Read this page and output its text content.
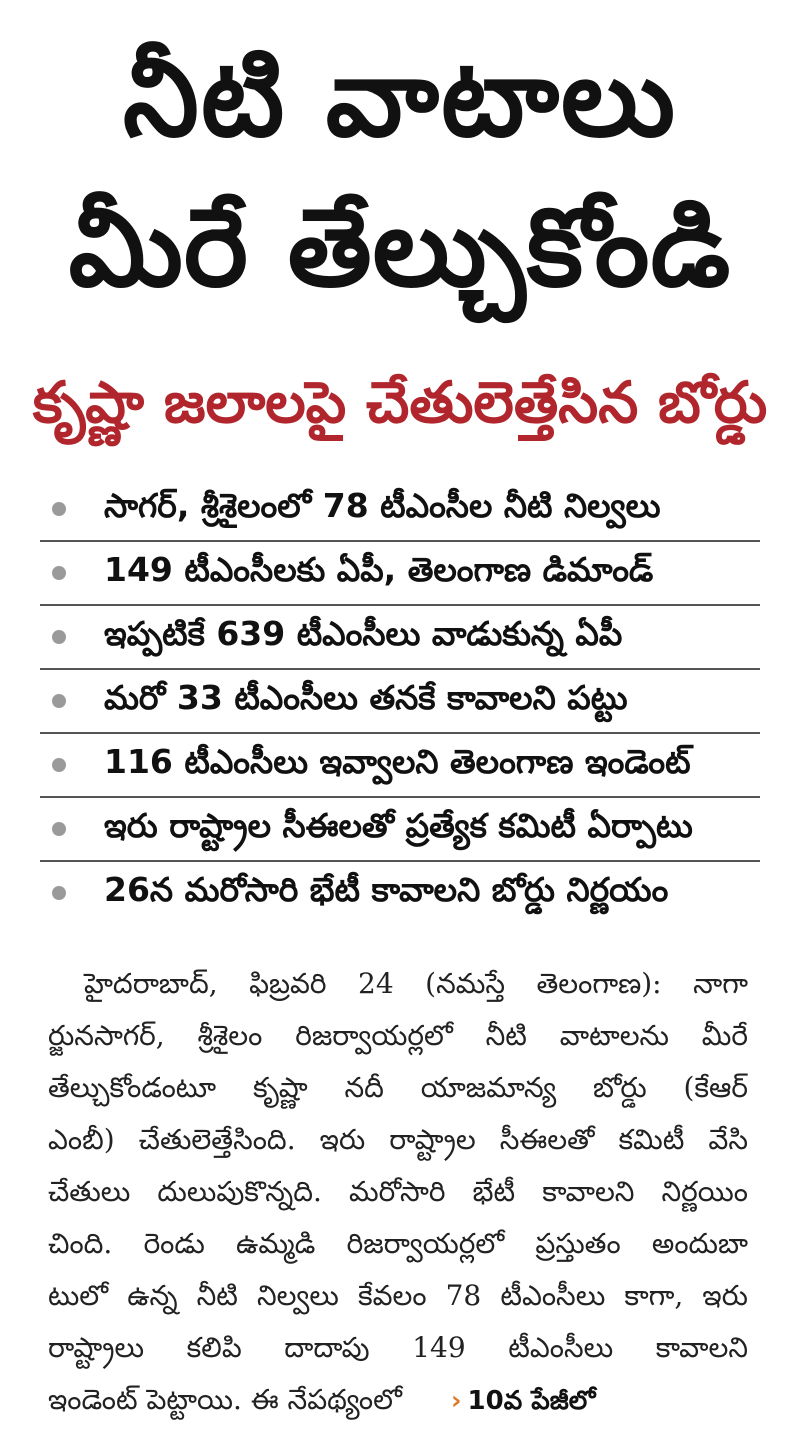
నీటి వాటాలు
మీరే తేల్చుకోండి
కృష్ణా జలాలపై చేతులెత్తేసిన బోర్డు
సాగర్, శ్రీశైలంలో 78 టీఎంసీల నీటి నిల్వలు
149 టీఎంసీలకు ఏపీ, తెలంగాణ డిమాండ్
ఇప్పటికే 639 టీఎంసీలు వాడుకున్న ఏపీ
మరో 33 టీఎంసీలు తనకే కావాలని పట్టు
116 టీఎంసీలు ఇవ్వాలని తెలంగాణ ఇండెంట్
ఇరు రాష్ట్రాల సీఈలతో ప్రత్యేక కమిటీ ఏర్పాటు
26న మరోసారి భేటీ కావాలని బోర్డు నిర్ణయం
హైదరాబాద్, ఫిబ్రవరి 24 (నమస్తే తెలంగాణ): నాగా
ర్జునసాగర్, శ్రీశైలం రిజర్వాయర్లలో నీటి వాటాలను మీరే
తేల్చుకోండంటూ కృష్ణా నదీ యాజమాన్య బోర్డు (కేఆర్
ఎంబీ) చేతులెత్తేసింది. ఇరు రాష్ట్రాల సీఈలతో కమిటీ వేసి
చేతులు దులుపుకొన్నది. మరోసారి భేటీ కావాలని నిర్ణయిం
చింది. రెండు ఉమ్మడి రిజర్వాయర్లలో ప్రస్తుతం అందుబా
టులో ఉన్న నీటి నిల్వలు కేవలం 78 టీఎంసీలు కాగా, ఇరు
రాష్ట్రాలు కలిపి దాదాపు 149 టీఎంసీలు కావాలని
ఇండెంట్ పెట్టాయి. ఈ నేపథ్యంలో › 10వ పేజీలో
